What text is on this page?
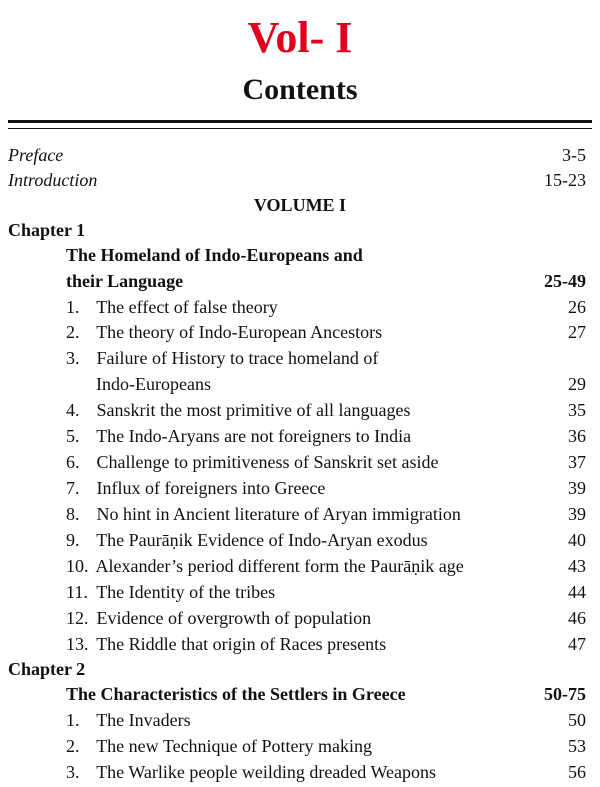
Vol- I
Contents
Preface	3-5
Introduction	15-23
VOLUME I
Chapter 1
The Homeland of Indo-Europeans and
their Language	25-49
1. The effect of false theory	26
2. The theory of Indo-European Ancestors	27
3. Failure of History to trace homeland of
Indo-Europeans	29
4. Sanskrit the most primitive of all languages	35
5. The Indo-Aryans are not foreigners to India	36
6. Challenge to primitiveness of Sanskrit set aside	37
7. Influx of foreigners into Greece	39
8. No hint in Ancient literature of Aryan immigration	39
9. The Paurāṇik Evidence of Indo-Aryan exodus	40
10. Alexander’s period different form the Paurāṇik age	43
11. The Identity of the tribes	44
12. Evidence of overgrowth of population	46
13. The Riddle that origin of Races presents	47
Chapter 2
The Characteristics of the Settlers in Greece	50-75
1. The Invaders	50
2. The new Technique of Pottery making	53
3. The Warlike people weilding dreaded Weapons	56
